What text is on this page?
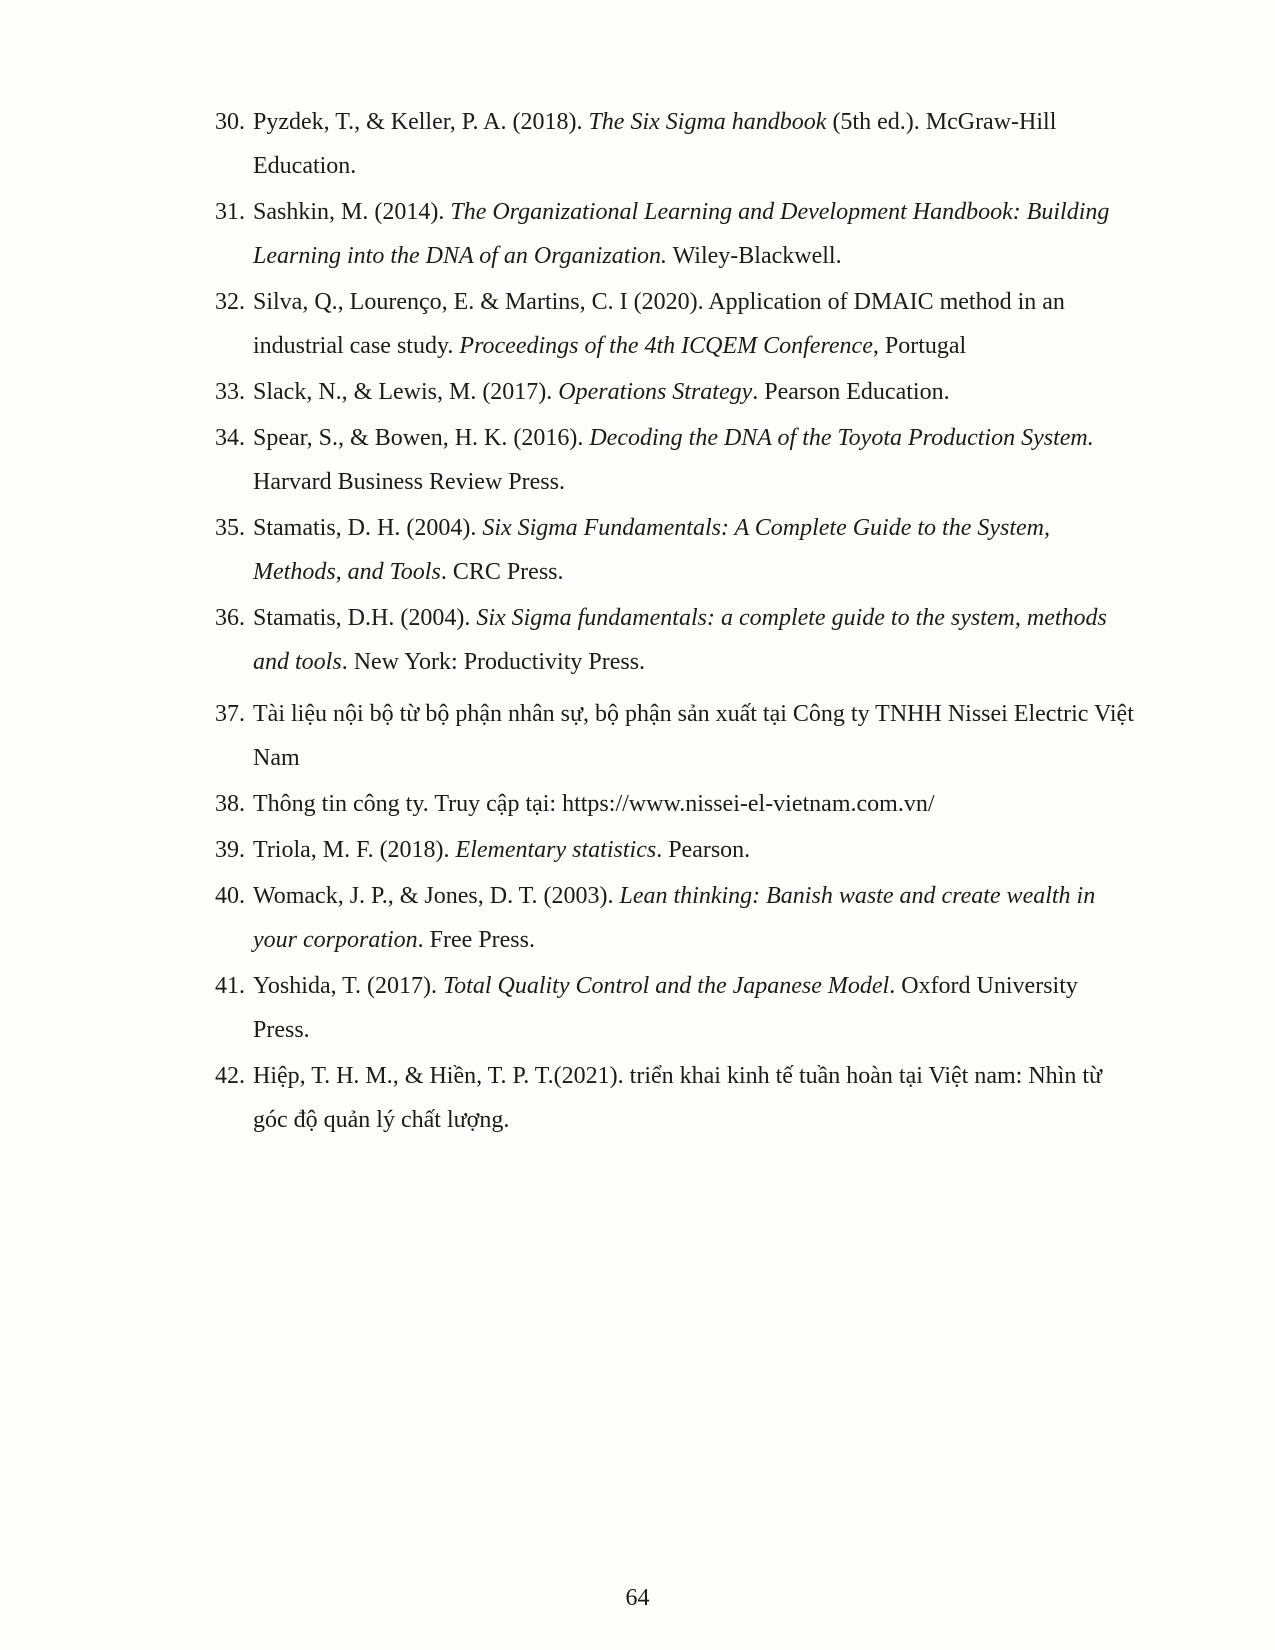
30. Pyzdek, T., & Keller, P. A. (2018). The Six Sigma handbook (5th ed.). McGraw-Hill Education.
31. Sashkin, M. (2014). The Organizational Learning and Development Handbook: Building Learning into the DNA of an Organization. Wiley-Blackwell.
32. Silva, Q., Lourenço, E. & Martins, C. I (2020). Application of DMAIC method in an industrial case study. Proceedings of the 4th ICQEM Conference, Portugal
33. Slack, N., & Lewis, M. (2017). Operations Strategy. Pearson Education.
34. Spear, S., & Bowen, H. K. (2016). Decoding the DNA of the Toyota Production System. Harvard Business Review Press.
35. Stamatis, D. H. (2004). Six Sigma Fundamentals: A Complete Guide to the System, Methods, and Tools. CRC Press.
36. Stamatis, D.H. (2004). Six Sigma fundamentals: a complete guide to the system, methods and tools. New York: Productivity Press.
37. Tài liệu nội bộ từ bộ phận nhân sự, bộ phận sản xuất tại Công ty TNHH Nissei Electric Việt Nam
38. Thông tin công ty. Truy cập tại: https://www.nissei-el-vietnam.com.vn/
39. Triola, M. F. (2018). Elementary statistics. Pearson.
40. Womack, J. P., & Jones, D. T. (2003). Lean thinking: Banish waste and create wealth in your corporation. Free Press.
41. Yoshida, T. (2017). Total Quality Control and the Japanese Model. Oxford University Press.
42. Hiệp, T. H. M., & Hiền, T. P. T.(2021). triển khai kinh tế tuần hoàn tại Việt nam: Nhìn từ góc độ quản lý chất lượng.
64
